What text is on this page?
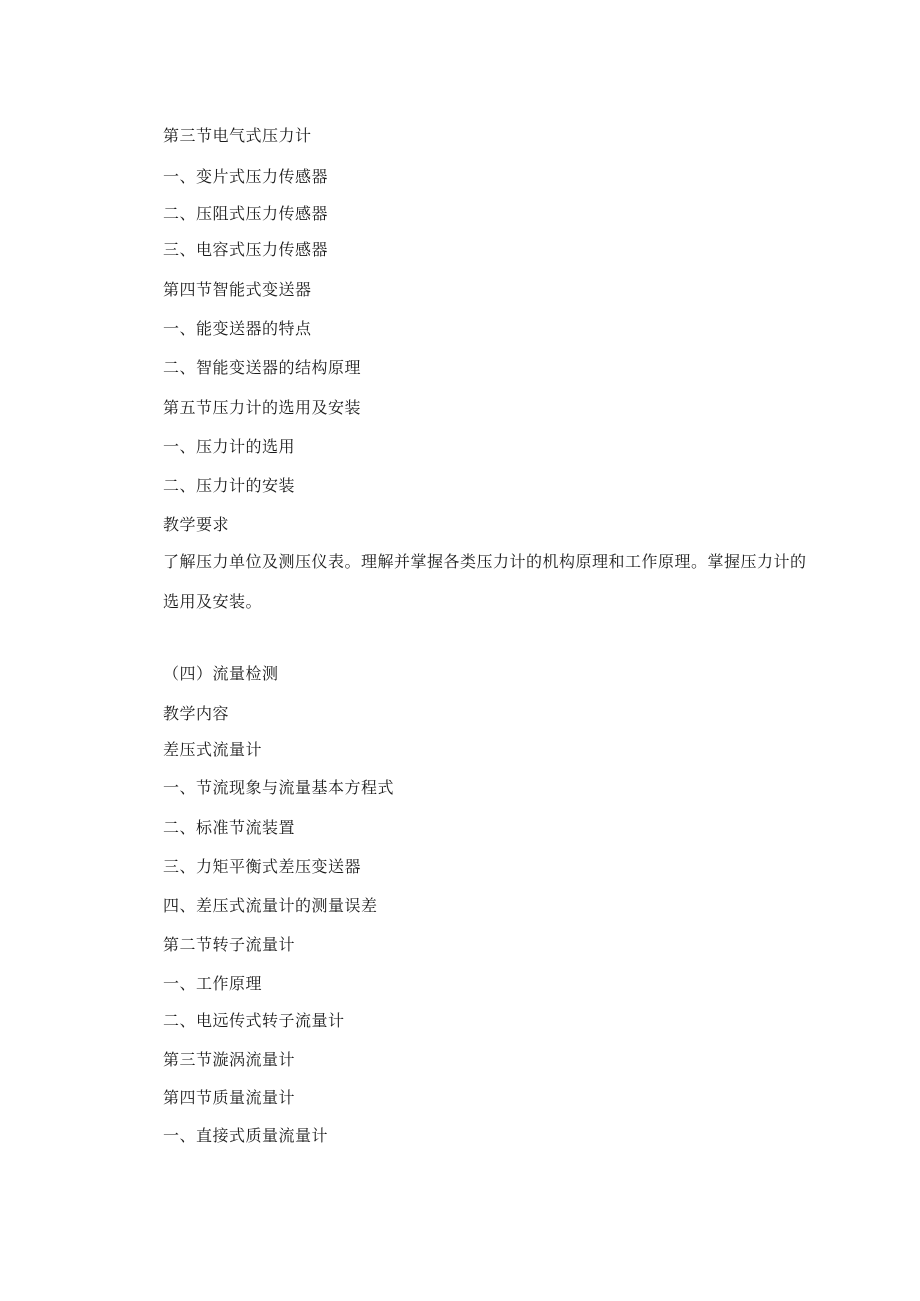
第三节电气式压力计
一、变片式压力传感器
二、压阻式压力传感器
三、电容式压力传感器
第四节智能式变送器
一、能变送器的特点
二、智能变送器的结构原理
第五节压力计的选用及安装
一、压力计的选用
二、压力计的安装
教学要求
了解压力单位及测压仪表。理解并掌握各类压力计的机构原理和工作原理。掌握压力计的
选用及安装。
（四）流量检测
教学内容
差压式流量计
一、节流现象与流量基本方程式
二、标准节流装置
三、力矩平衡式差压变送器
四、差压式流量计的测量误差
第二节转子流量计
一、工作原理
二、电远传式转子流量计
第三节漩涡流量计
第四节质量流量计
一、直接式质量流量计
